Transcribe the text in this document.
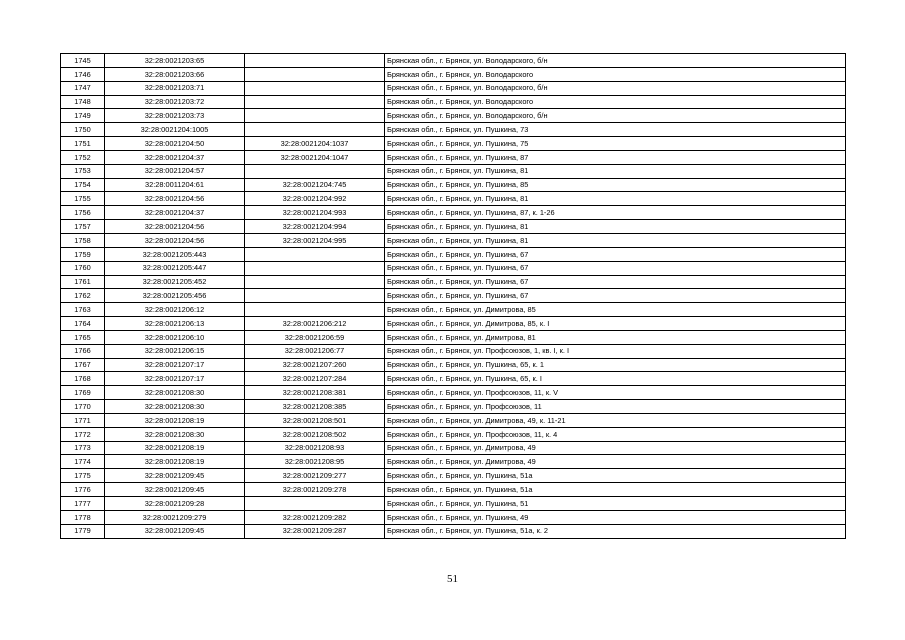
1745	32:28:0021203:65		Брянская обл., г. Брянск, ул. Володарского, б/н
1746	32:28:0021203:66		Брянская обл., г. Брянск, ул. Володарского
1747	32:28:0021203:71		Брянская обл., г. Брянск, ул. Володарского, б/н
1748	32:28:0021203:72		Брянская обл., г. Брянск, ул. Володарского
1749	32:28:0021203:73		Брянская обл., г. Брянск, ул. Володарского, б/н
1750	32:28:0021204:1005		Брянская обл., г. Брянск, ул. Пушкина, 73
1751	32:28:0021204:50	32:28:0021204:1037	Брянская обл., г. Брянск, ул. Пушкина, 75
1752	32:28:0021204:37	32:28:0021204:1047	Брянская обл., г. Брянск, ул. Пушкина, 87
1753	32:28:0021204:57		Брянская обл., г. Брянск, ул. Пушкина, 81
1754	32:28:0011204:61	32:28:0021204:745	Брянская обл., г. Брянск, ул. Пушкина, 85
1755	32:28:0021204:56	32:28:0021204:992	Брянская обл., г. Брянск, ул. Пушкина, 81
1756	32:28:0021204:37	32:28:0021204:993	Брянская обл., г. Брянск, ул. Пушкина, 87, к. 1-26
1757	32:28:0021204:56	32:28:0021204:994	Брянская обл., г. Брянск, ул. Пушкина, 81
1758	32:28:0021204:56	32:28:0021204:995	Брянская обл., г. Брянск, ул. Пушкина, 81
1759	32:28:0021205:443		Брянская обл., г. Брянск, ул. Пушкина, 67
1760	32:28:0021205:447		Брянская обл., г. Брянск, ул. Пушкина, 67
1761	32:28:0021205:452		Брянская обл., г. Брянск, ул. Пушкина, 67
1762	32:28:0021205:456		Брянская обл., г. Брянск, ул. Пушкина, 67
1763	32:28:0021206:12		Брянская обл., г. Брянск, ул. Димитрова, 85
1764	32:28:0021206:13	32:28:0021206:212	Брянская обл., г. Брянск, ул. Димитрова, 85, к. I
1765	32:28:0021206:10	32:28:0021206:59	Брянская обл., г. Брянск, ул. Димитрова, 81
1766	32:28:0021206:15	32:28:0021206:77	Брянская обл., г. Брянск, ул. Профсоюзов, 1, кв. I, к. I
1767	32:28:0021207:17	32:28:0021207:260	Брянская обл., г. Брянск, ул. Пушкина, 65, к. 1
1768	32:28:0021207:17	32:28:0021207:284	Брянская обл., г. Брянск, ул. Пушкина, 65, к. I
1769	32:28:0021208:30	32:28:0021208:381	Брянская обл., г. Брянск, ул. Профсоюзов, 11, к. V
1770	32:28:0021208:30	32:28:0021208:385	Брянская обл., г. Брянск, ул. Профсоюзов, 11
1771	32:28:0021208:19	32:28:0021208:501	Брянская обл., г. Брянск, ул. Димитрова, 49, к. 11-21
1772	32:28:0021208:30	32:28:0021208:502	Брянская обл., г. Брянск, ул. Профсоюзов, 11, к. 4
1773	32:28:0021208:19	32:28:0021208:93	Брянская обл., г. Брянск, ул. Димитрова, 49
1774	32:28:0021208:19	32:28:0021208:95	Брянская обл., г. Брянск, ул. Димитрова, 49
1775	32:28:0021209:45	32:28:0021209:277	Брянская обл., г. Брянск, ул. Пушкина, 51а
1776	32:28:0021209:45	32:28:0021209:278	Брянская обл., г. Брянск, ул. Пушкина, 51а
1777	32:28:0021209:28		Брянская обл., г. Брянск, ул. Пушкина, 51
1778	32:28:0021209:279	32:28:0021209:282	Брянская обл., г. Брянск, ул. Пушкина, 49
1779	32:28:0021209:45	32:28:0021209:287	Брянская обл., г. Брянск, ул. Пушкина, 51а, к. 2
51
